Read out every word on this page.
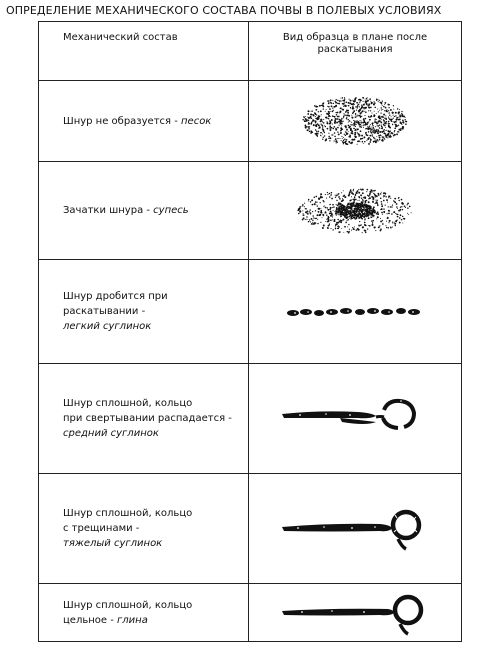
ОПРЕДЕЛЕНИЕ МЕХАНИЧЕСКОГО СОСТАВА ПОЧВЫ В ПОЛЕВЫХ УСЛОВИЯХ
Механический состав	Вид образца в плане после раскатывания
Шнур не образуется - песок	

Зачатки шнура - супесь	

Шнур дробится при
раскатывании -
легкий суглинок

Шнур сплошной, кольцо
при свертывании распадается -
средний суглинок

Шнур сплошной, кольцо
с трещинами -
тяжелый суглинок

Шнур сплошной, кольцо
цельное - глина
